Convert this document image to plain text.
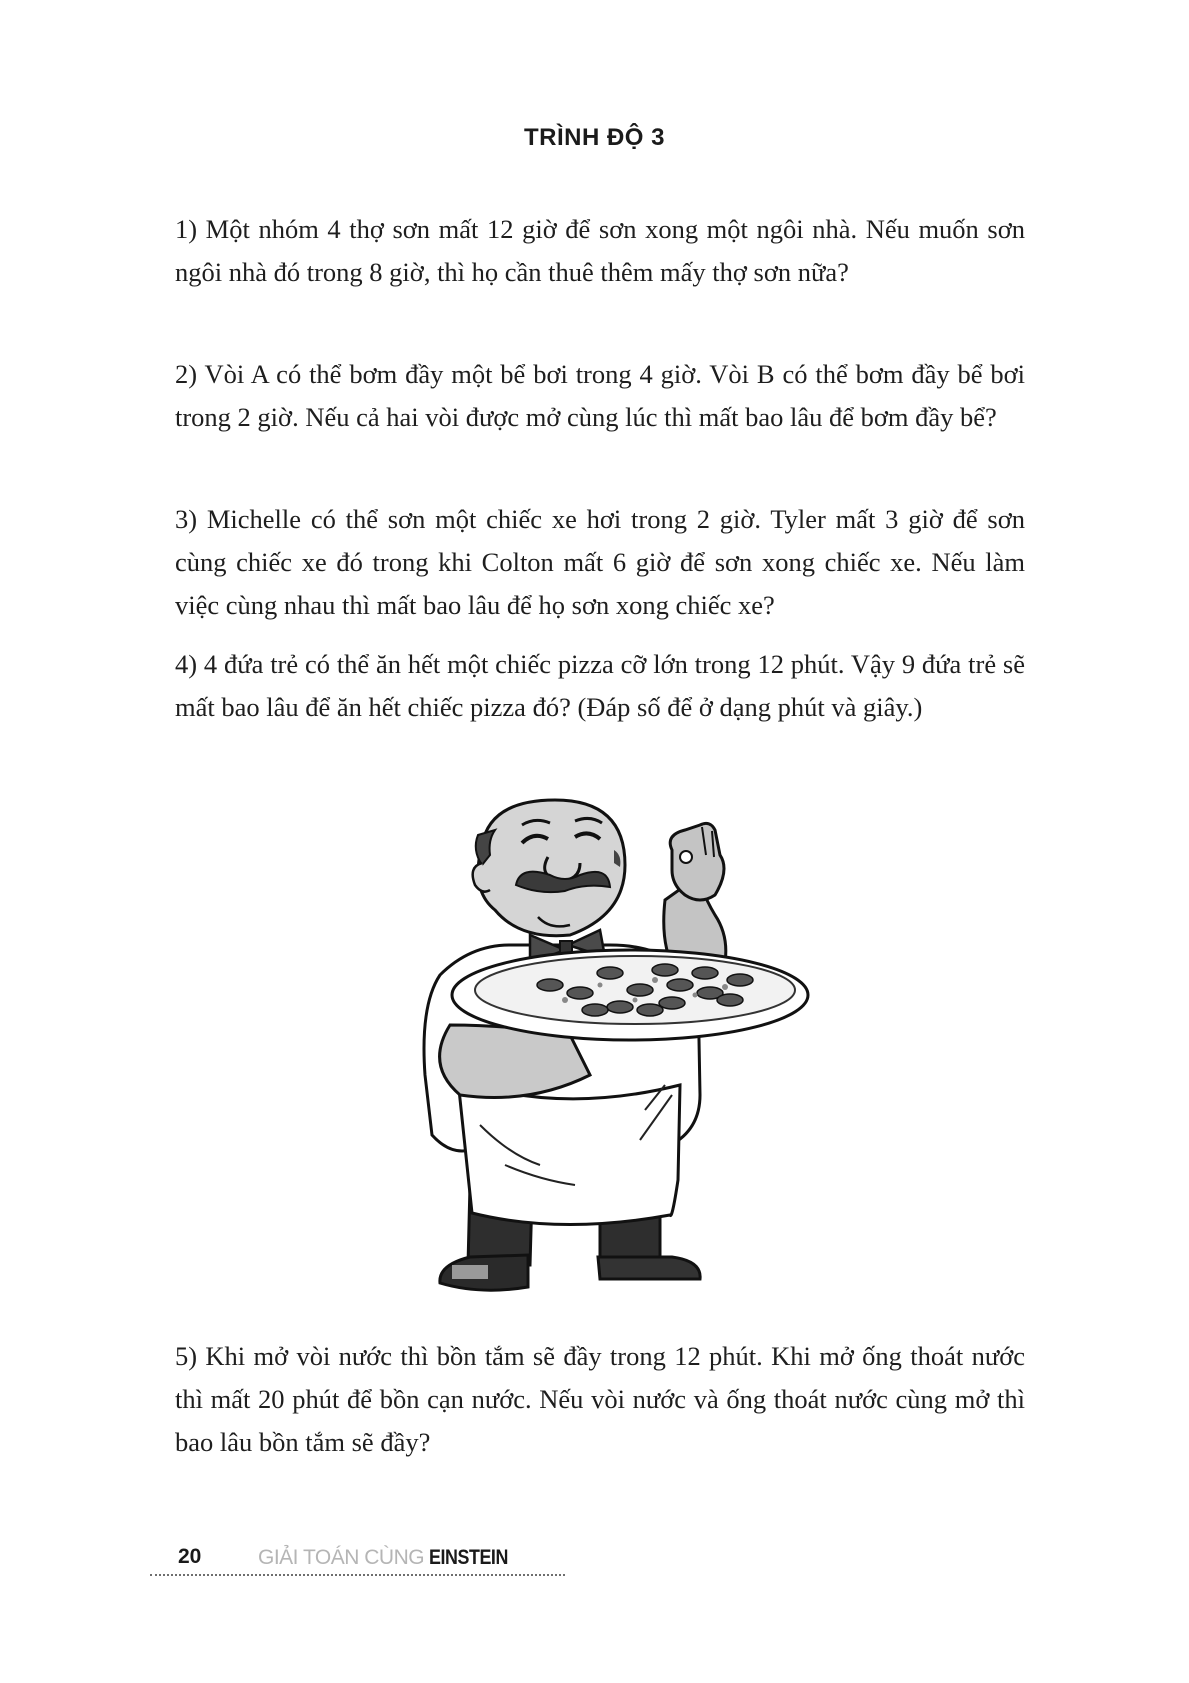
TRÌNH ĐỘ 3

1) Một nhóm 4 thợ sơn mất 12 giờ để sơn xong một ngôi nhà. Nếu muốn sơn ngôi nhà đó trong 8 giờ, thì họ cần thuê thêm mấy thợ sơn nữa?

2) Vòi A có thể bơm đầy một bể bơi trong 4 giờ. Vòi B có thể bơm đầy bể bơi trong 2 giờ. Nếu cả hai vòi được mở cùng lúc thì mất bao lâu để bơm đầy bể?

3) Michelle có thể sơn một chiếc xe hơi trong 2 giờ. Tyler mất 3 giờ để sơn cùng chiếc xe đó trong khi Colton mất 6 giờ để sơn xong chiếc xe. Nếu làm việc cùng nhau thì mất bao lâu để họ sơn xong chiếc xe?

4) 4 đứa trẻ có thể ăn hết một chiếc pizza cỡ lớn trong 12 phút. Vậy 9 đứa trẻ sẽ mất bao lâu để ăn hết chiếc pizza đó? (Đáp số để ở dạng phút và giây.)

5) Khi mở vòi nước thì bồn tắm sẽ đầy trong 12 phút. Khi mở ống thoát nước thì mất 20 phút để bồn cạn nước. Nếu vòi nước và ống thoát nước cùng mở thì bao lâu bồn tắm sẽ đầy?

20	GIẢI TOÁN CÙNG EINSTEIN
